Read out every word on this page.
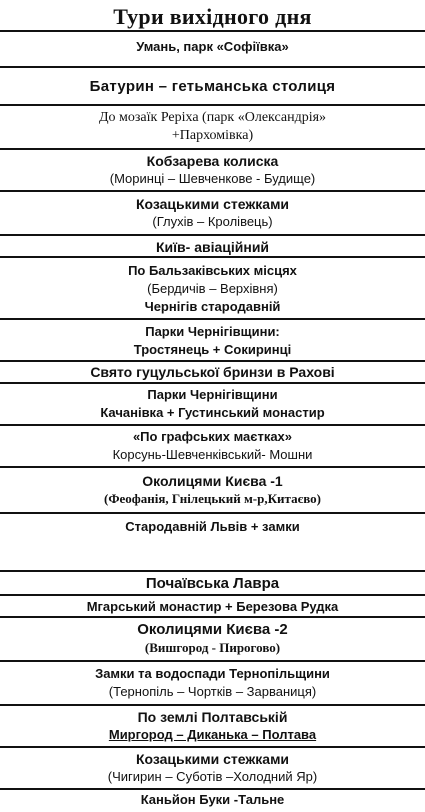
Тури вихідного дня
Умань, парк «Софіївка»
Батурин – гетьманська столиця
До мозаїк Реріха (парк «Олександрія»
+Пархомівка)
Кобзарева колиска
(Моринці – Шевченкове - Будище)
Козацькими стежками
(Глухів – Кролівець)
Київ- авіаційний
По Бальзаківських місцях
(Бердичів – Верхівня)
Чернігів стародавній
Парки Чернігівщини:
Тростянець + Сокиринці
Свято гуцульської бринзи в Рахові
Парки Чернігівщини
Качанівка + Густинський монастир
«По графських маєтках»
Корсунь-Шевченківський- Мошни
Околицями Києва -1
(Феофанія, Гнілецький м-р,Китаєво)
Стародавній Львів + замки
Почаївська Лавра
Мгарський монастир + Березова Рудка
Околицями Києва -2
(Вишгород - Пирогово)
Замки та водоспади Тернопільщини
(Тернопіль – Чортків – Зарваниця)
По землі Полтавській
Миргород – Диканька – Полтава
Козацькими стежками
(Чигирин – Суботів –Холодний Яр)
Каньйон Буки -Тальне
